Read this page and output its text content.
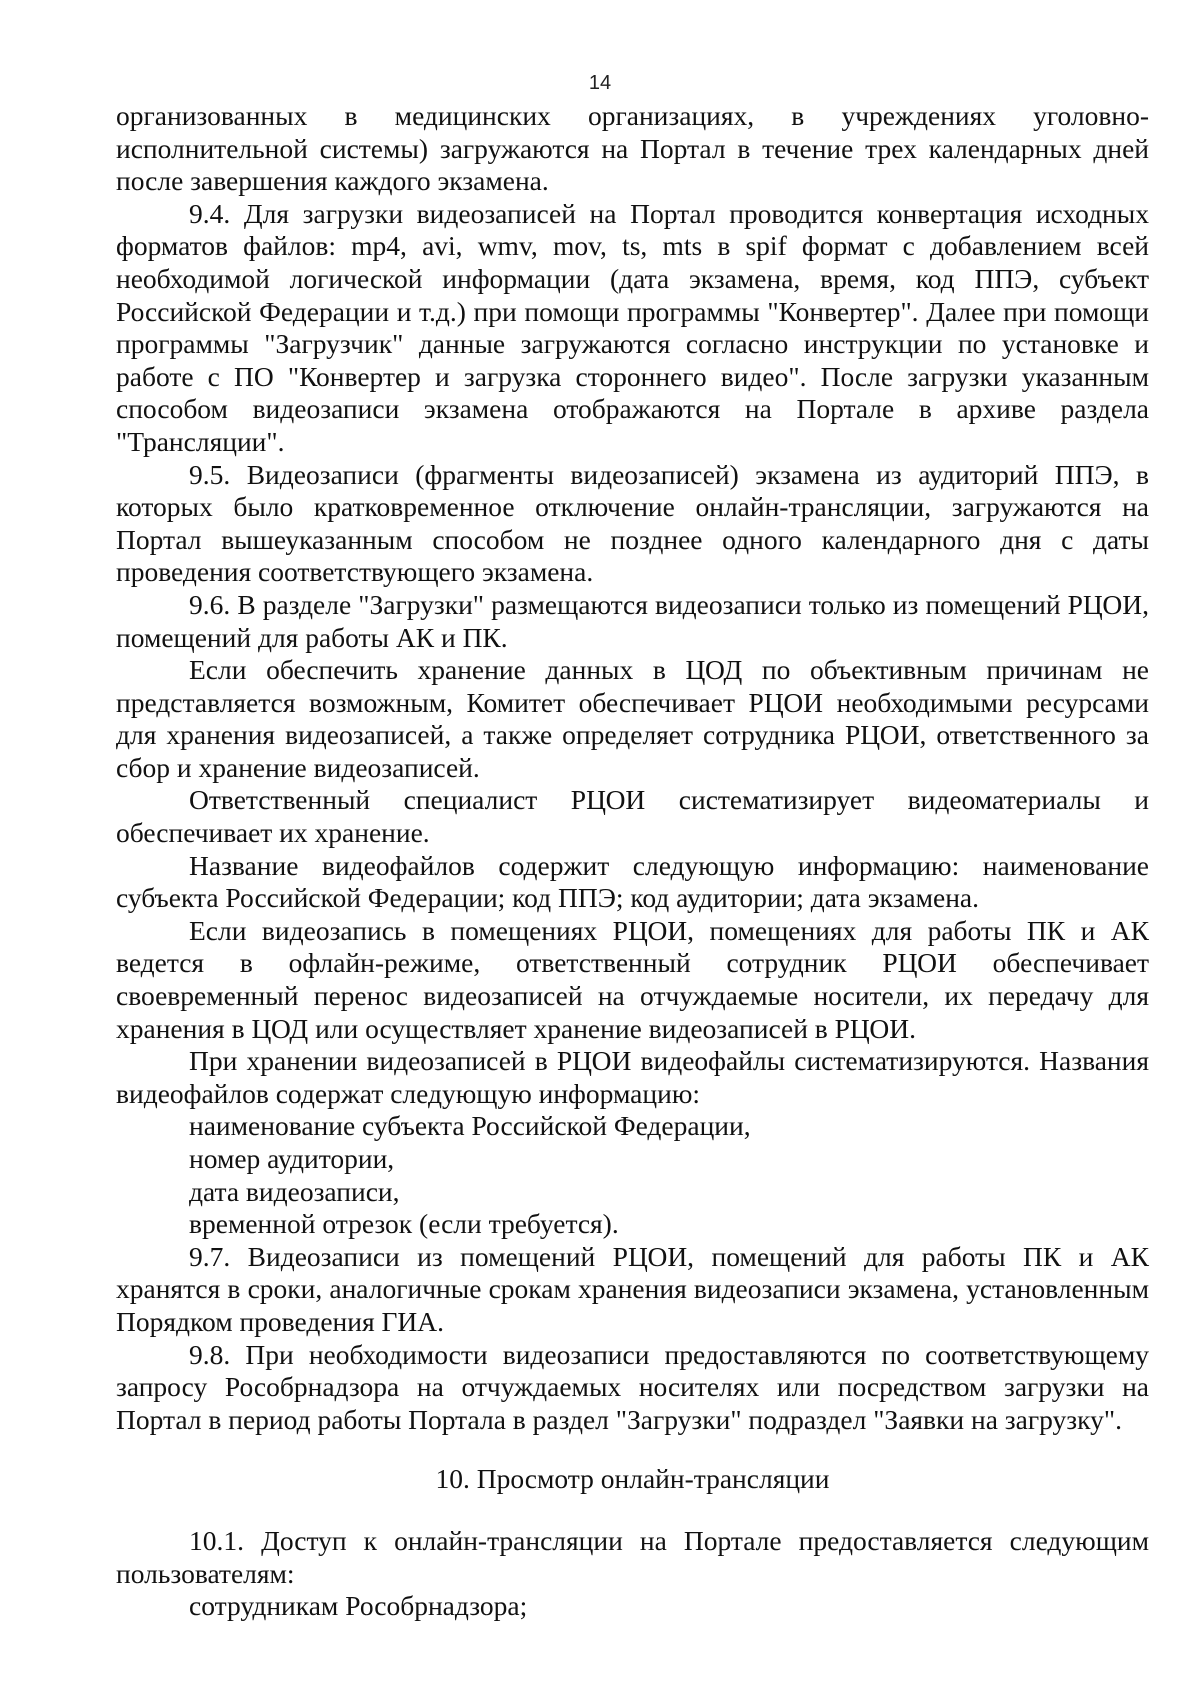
14

организованных в медицинских организациях, в учреждениях уголовно-исполнительной системы) загружаются на Портал в течение трех календарных дней после завершения каждого экзамена.

9.4. Для загрузки видеозаписей на Портал проводится конвертация исходных форматов файлов: mp4, avi, wmv, mov, ts, mts в spif формат с добавлением всей необходимой логической информации (дата экзамена, время, код ППЭ, субъект Российской Федерации и т.д.) при помощи программы "Конвертер". Далее при помощи программы "Загрузчик" данные загружаются согласно инструкции по установке и работе с ПО "Конвертер и загрузка стороннего видео". После загрузки указанным способом видеозаписи экзамена отображаются на Портале в архиве раздела "Трансляции".

9.5. Видеозаписи (фрагменты видеозаписей) экзамена из аудиторий ППЭ, в которых было кратковременное отключение онлайн-трансляции, загружаются на Портал вышеуказанным способом не позднее одного календарного дня с даты проведения соответствующего экзамена.

9.6. В разделе "Загрузки" размещаются видеозаписи только из помещений РЦОИ, помещений для работы АК и ПК.

Если обеспечить хранение данных в ЦОД по объективным причинам не представляется возможным, Комитет обеспечивает РЦОИ необходимыми ресурсами для хранения видеозаписей, а также определяет сотрудника РЦОИ, ответственного за сбор и хранение видеозаписей.

Ответственный специалист РЦОИ систематизирует видеоматериалы и обеспечивает их хранение.

Название видеофайлов содержит следующую информацию: наименование субъекта Российской Федерации; код ППЭ; код аудитории; дата экзамена.

Если видеозапись в помещениях РЦОИ, помещениях для работы ПК и АК ведется в офлайн-режиме, ответственный сотрудник РЦОИ обеспечивает своевременный перенос видеозаписей на отчуждаемые носители, их передачу для хранения в ЦОД или осуществляет хранение видеозаписей в РЦОИ.

При хранении видеозаписей в РЦОИ видеофайлы систематизируются. Названия видеофайлов содержат следующую информацию:

наименование субъекта Российской Федерации,

номер аудитории,

дата видеозаписи,

временной отрезок (если требуется).

9.7. Видеозаписи из помещений РЦОИ, помещений для работы ПК и АК хранятся в сроки, аналогичные срокам хранения видеозаписи экзамена, установленным Порядком проведения ГИА.

9.8. При необходимости видеозаписи предоставляются по соответствующему запросу Рособрнадзора на отчуждаемых носителях или посредством загрузки на Портал в период работы Портала в раздел "Загрузки" подраздел "Заявки на загрузку".

10. Просмотр онлайн-трансляции

10.1. Доступ к онлайн-трансляции на Портале предоставляется следующим пользователям:

сотрудникам Рособрнадзора;
